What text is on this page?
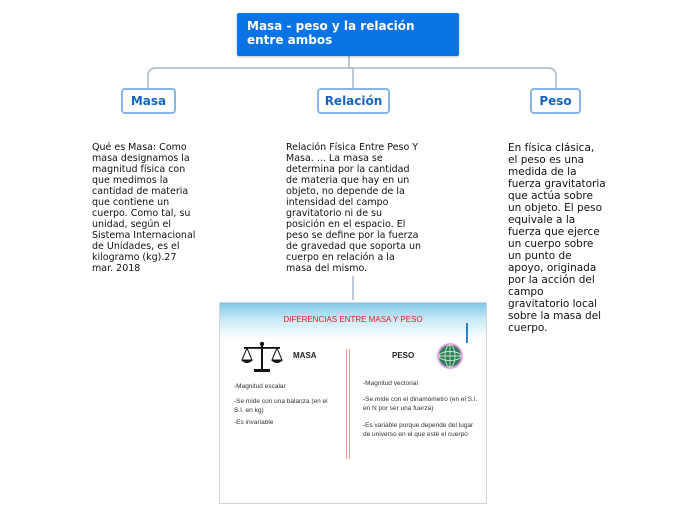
Masa - peso y la relación entre ambos
Masa	Relación	Peso
Qué es Masa: Como masa designamos la magnitud física con que medimos la cantidad de materia que contiene un cuerpo. Como tal, su unidad, según el Sistema Internacional de Unidades, es el kilogramo (kg).27 mar. 2018
Relación Física Entre Peso Y Masa. ... La masa se determina por la cantidad de materia que hay en un objeto, no depende de la intensidad del campo gravitatorio ni de su posición en el espacio. El peso se define por la fuerza de gravedad que soporta un cuerpo en relación a la masa del mismo.
En física clásica, el peso es una medida de la fuerza gravitatoria que actúa sobre un objeto. El peso equivale a la fuerza que ejerce un cuerpo sobre un punto de apoyo, originada por la acción del campo gravitatorio local sobre la masa del cuerpo.
DIFERENCIAS ENTRE MASA Y PESO
MASA	PESO
-Magnitud escalar
-Se mide con una balanza (en el S.I. en kg)
-Es invariable
-Magnitud vectorial
-Se mide con el dinamómetro (en el S.I. en N por ser una fuerza)
-Es variable porque depende del lugar de universo en el que esté el cuerpo
